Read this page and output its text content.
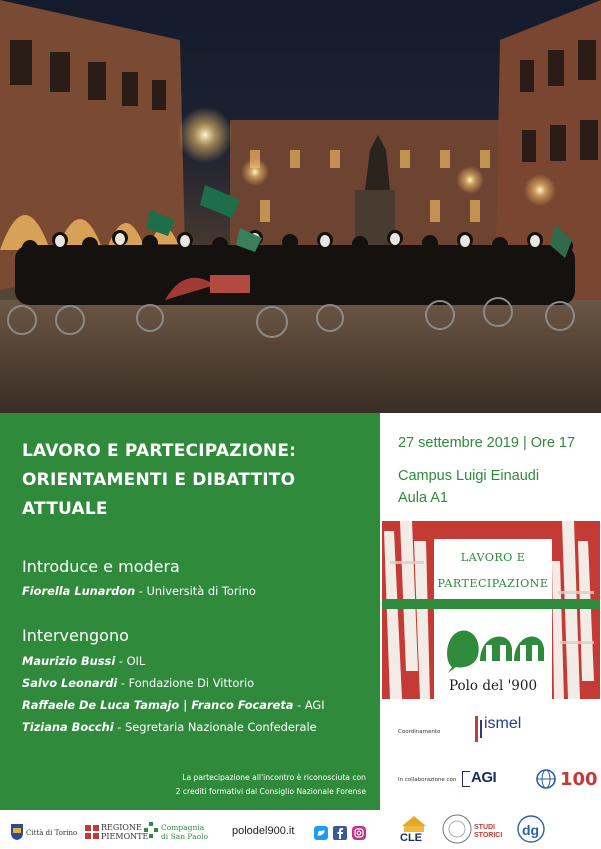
LAVORO E PARTECIPAZIONE:
ORIENTAMENTI E DIBATTITO
ATTUALE
Introduce e modera
Fiorella Lunardon - Università di Torino
Intervengono
Maurizio Bussi - OIL
Salvo Leonardi - Fondazione Di Vittorio
Raffaele De Luca Tamajo | Franco Focareta - AGI
Tiziana Bocchi - Segretaria Nazionale Confederale
La partecipazione all'incontro è riconosciuta con
2 crediti formativi dal Consiglio Nazionale Forense
27 settembre 2019 | Ore 17
Campus Luigi Einaudi
Aula A1
LAVORO E
PARTECIPAZIONE
Polo del '900
Coordinamento	ismel
In collaborazione con AGI	100
Città di Torino
REGIONE
PIEMONTE
Compagnia
di San Paolo polodel900.it
CLE
STUDI STORICI dg
